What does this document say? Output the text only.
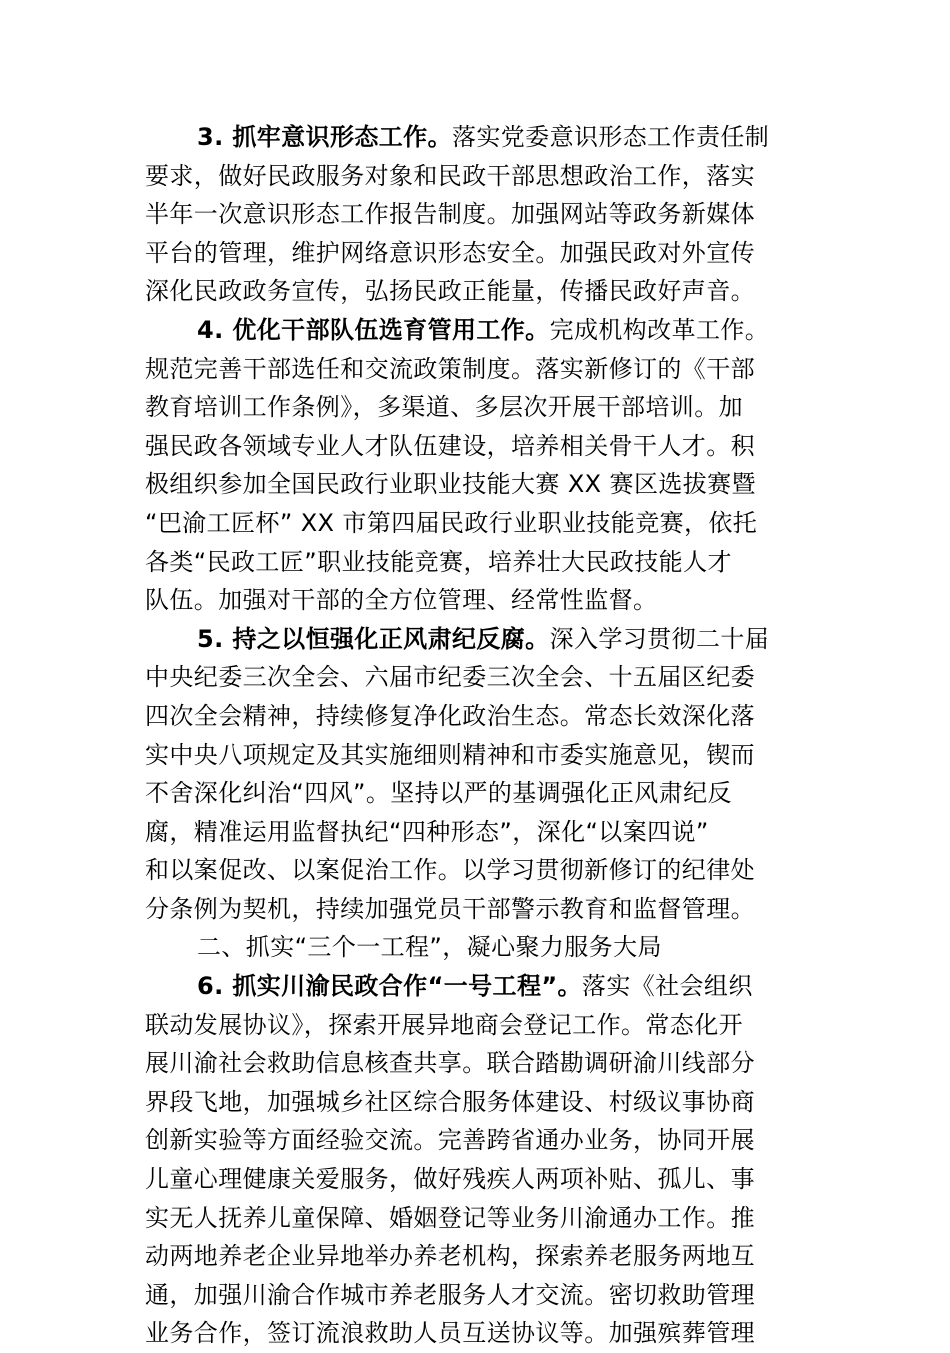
3. 抓牢意识形态工作。落实党委意识形态工作责任制
要求，做好民政服务对象和民政干部思想政治工作，落实
半年一次意识形态工作报告制度。加强网站等政务新媒体
平台的管理，维护网络意识形态安全。加强民政对外宣传
深化民政政务宣传，弘扬民政正能量，传播民政好声音。
4. 优化干部队伍选育管用工作。完成机构改革工作。
规范完善干部选任和交流政策制度。落实新修订的《干部
教育培训工作条例》，多渠道、多层次开展干部培训。加
强民政各领域专业人才队伍建设，培养相关骨干人才。积
极组织参加全国民政行业职业技能大赛 XX 赛区选拔赛暨
“巴渝工匠杯” XX 市第四届民政行业职业技能竞赛，依托
各类“民政工匠”职业技能竞赛，培养壮大民政技能人才
队伍。加强对干部的全方位管理、经常性监督。
5. 持之以恒强化正风肃纪反腐。深入学习贯彻二十届
中央纪委三次全会、六届市纪委三次全会、十五届区纪委
四次全会精神，持续修复净化政治生态。常态长效深化落
实中央八项规定及其实施细则精神和市委实施意见，锲而
不舍深化纠治“四风”。坚持以严的基调强化正风肃纪反
腐，精准运用监督执纪“四种形态”，深化“以案四说”
和以案促改、以案促治工作。以学习贯彻新修订的纪律处
分条例为契机，持续加强党员干部警示教育和监督管理。
二、抓实“三个一工程”，凝心聚力服务大局
6. 抓实川渝民政合作“一号工程”。落实《社会组织
联动发展协议》，探索开展异地商会登记工作。常态化开
展川渝社会救助信息核查共享。联合踏勘调研渝川线部分
界段飞地，加强城乡社区综合服务体建设、村级议事协商
创新实验等方面经验交流。完善跨省通办业务，协同开展
儿童心理健康关爱服务，做好残疾人两项补贴、孤儿、事
实无人抚养儿童保障、婚姻登记等业务川渝通办工作。推
动两地养老企业异地举办养老机构，探索养老服务两地互
通，加强川渝合作城市养老服务人才交流。密切救助管理
业务合作，签订流浪救助人员互送协议等。加强殡葬管理
